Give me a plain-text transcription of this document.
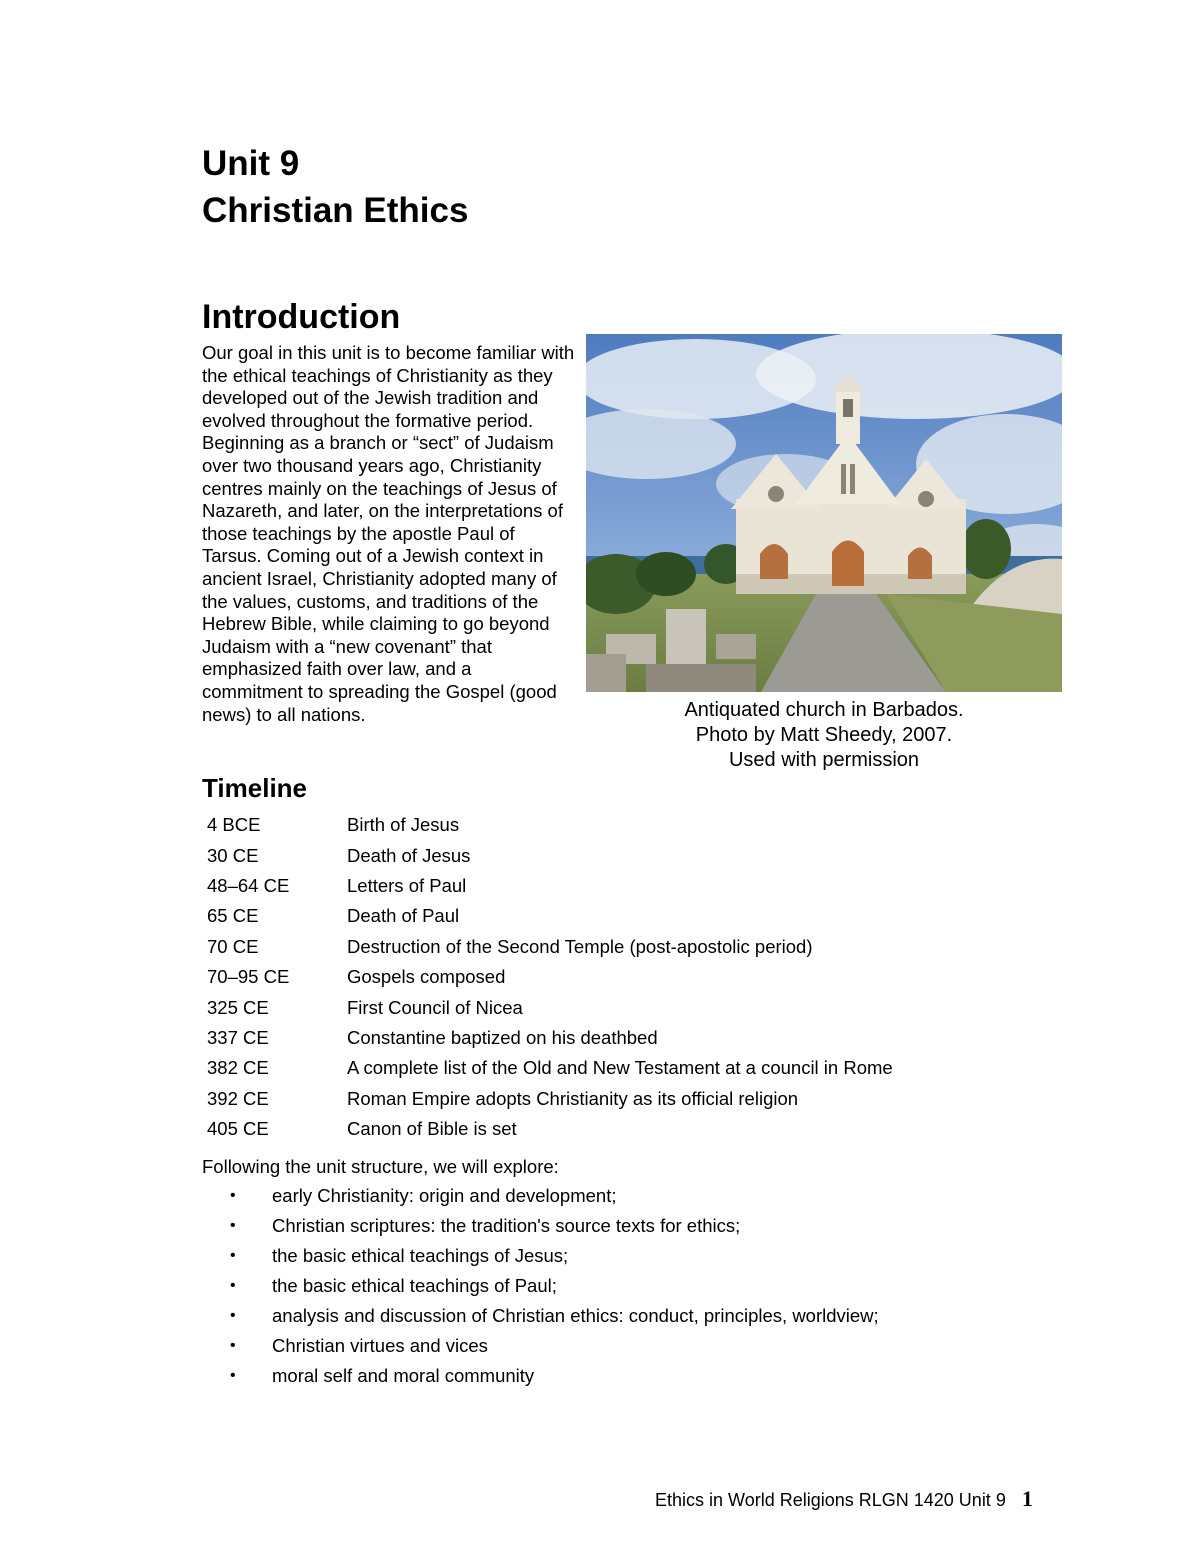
Unit 9
Christian Ethics
Introduction

Our goal in this unit is to become familiar with the ethical teachings of Christianity as they developed out of the Jewish tradition and evolved throughout the formative period. Beginning as a branch or “sect” of Judaism over two thousand years ago, Christianity centres mainly on the teachings of Jesus of Nazareth, and later, on the interpretations of those teachings by the apostle Paul of Tarsus. Coming out of a Jewish context in ancient Israel, Christianity adopted many of the values, customs, and traditions of the Hebrew Bible, while claiming to go beyond Judaism with a “new covenant” that emphasized faith over law, and a commitment to spreading the Gospel (good news) to all nations.	Antiquated church in Barbados.
Photo by Matt Sheedy, 2007.
Used with permission
Timeline
4 BCE	Birth of Jesus
30 CE	Death of Jesus
48–64 CE	Letters of Paul
65 CE	Death of Paul
70 CE	Destruction of the Second Temple (post-apostolic period)
70–95 CE	Gospels composed
325 CE	First Council of Nicea
337 CE	Constantine baptized on his deathbed
382 CE	A complete list of the Old and New Testament at a council in Rome
392 CE	Roman Empire adopts Christianity as its official religion
405 CE	Canon of Bible is set

Following the unit structure, we will explore:

•	early Christianity: origin and development;
•	Christian scriptures: the tradition's source texts for ethics;
•	the basic ethical teachings of Jesus;
•	the basic ethical teachings of Paul;
•	analysis and discussion of Christian ethics: conduct, principles, worldview;
•	Christian virtues and vices
•	moral self and moral community
Ethics in World Religions RLGN 1420 Unit 9 1
